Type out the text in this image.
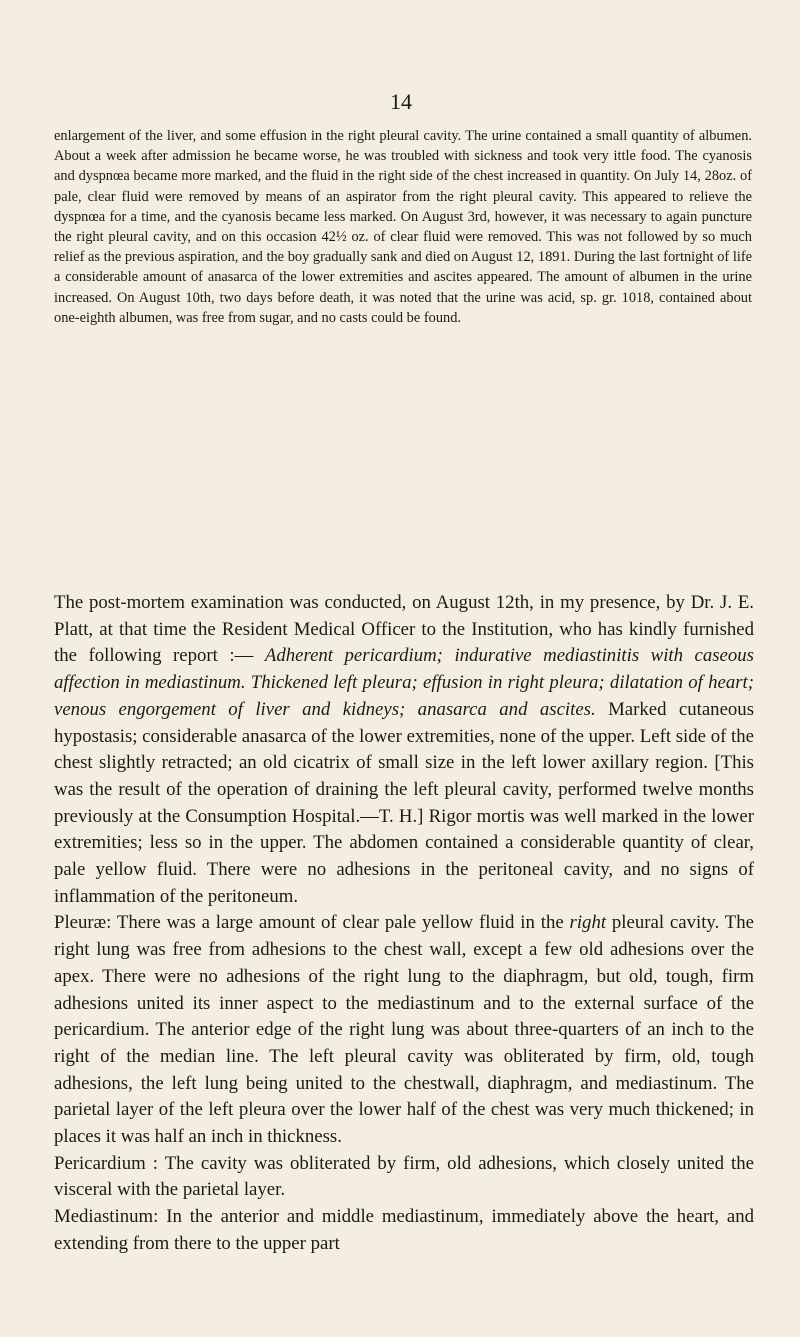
14

enlargement of the liver, and some effusion in the right pleural cavity. The urine contained a small quantity of albumen. About a week after admission he became worse, he was troubled with sickness and took very ittle food. The cyanosis and dyspnœa became more marked, and the fluid in the right side of the chest increased in quantity. On July 14, 28oz. of pale, clear fluid were removed by means of an aspirator from the right pleural cavity. This appeared to relieve the dyspnœa for a time, and the cyanosis became less marked. On August 3rd, however, it was necessary to again puncture the right pleural cavity, and on this occasion 42½ oz. of clear fluid were removed. This was not followed by so much relief as the previous aspiration, and the boy gradually sank and died on August 12, 1891. During the last fortnight of life a considerable amount of anasarca of the lower extremities and ascites appeared. The amount of albumen in the urine increased. On August 10th, two days before death, it was noted that the urine was acid, sp. gr. 1018, contained about one-eighth albumen, was free from sugar, and no casts could be found.

The post-mortem examination was conducted, on August 12th, in my presence, by Dr. J. E. Platt, at that time the Resident Medical Officer to the Institution, who has kindly furnished the following report :— Adherent pericardium; indurative mediastinitis with caseous affection in mediastinum. Thickened left pleura; effusion in right pleura; dilatation of heart; venous engorgement of liver and kidneys; anasarca and ascites. Marked cutaneous hypostasis; considerable anasarca of the lower extremities, none of the upper. Left side of the chest slightly retracted; an old cicatrix of small size in the left lower axillary region. [This was the result of the operation of draining the left pleural cavity, performed twelve months previously at the Consumption Hospital.—T. H.] Rigor mortis was well marked in the lower extremities; less so in the upper. The abdomen contained a considerable quantity of clear, pale yellow fluid. There were no adhesions in the peritoneal cavity, and no signs of inflammation of the peritoneum.

Pleuræ: There was a large amount of clear pale yellow fluid in the right pleural cavity. The right lung was free from adhesions to the chest wall, except a few old adhesions over the apex. There were no adhesions of the right lung to the diaphragm, but old, tough, firm adhesions united its inner aspect to the mediastinum and to the external surface of the pericardium. The anterior edge of the right lung was about three-quarters of an inch to the right of the median line. The left pleural cavity was obliterated by firm, old, tough adhesions, the left lung being united to the chestwall, diaphragm, and mediastinum. The parietal layer of the left pleura over the lower half of the chest was very much thickened; in places it was half an inch in thickness.

Pericardium : The cavity was obliterated by firm, old adhesions, which closely united the visceral with the parietal layer.

Mediastinum: In the anterior and middle mediastinum, immediately above the heart, and extending from there to the upper part
